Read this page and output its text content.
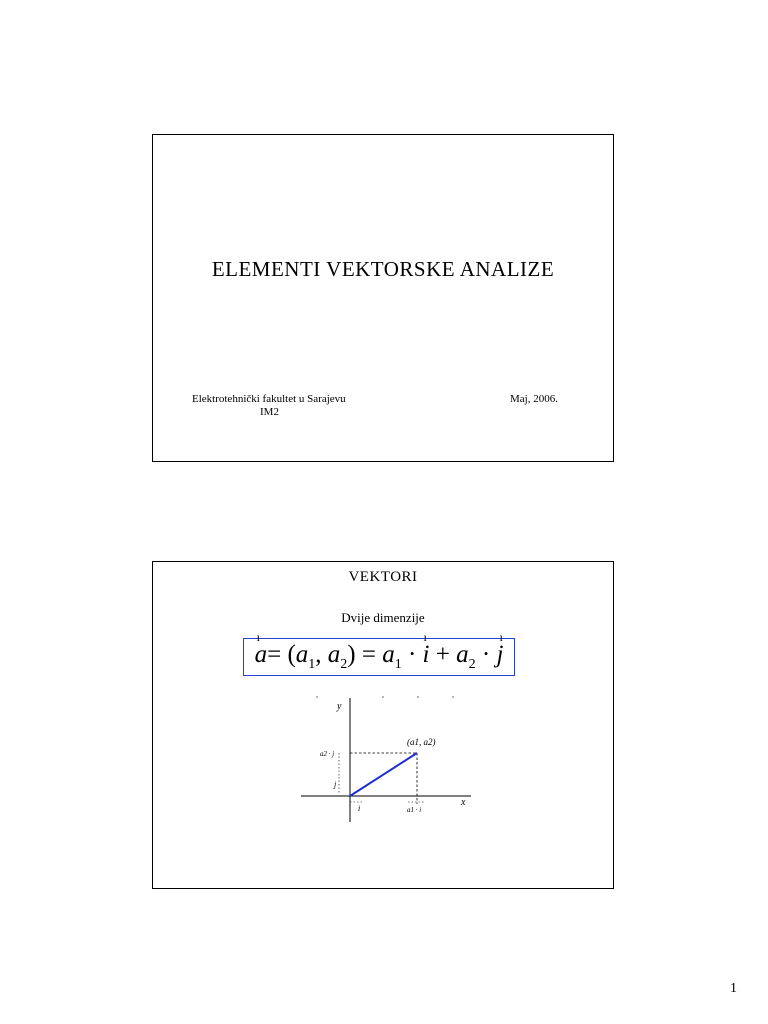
ELEMENTI VEKTORSKE ANALIZE
Elektrotehnički fakultet u Sarajevu
IM2
Maj, 2006.
VEKTORI
Dvije dimenzije
ı
$a= (a_1$, $a_2) = a_1$ ·
ı
$i + a_2$ ·
ı
j
y
x
(a1, a2)
a2 · j
j
i	a1 · i
1
